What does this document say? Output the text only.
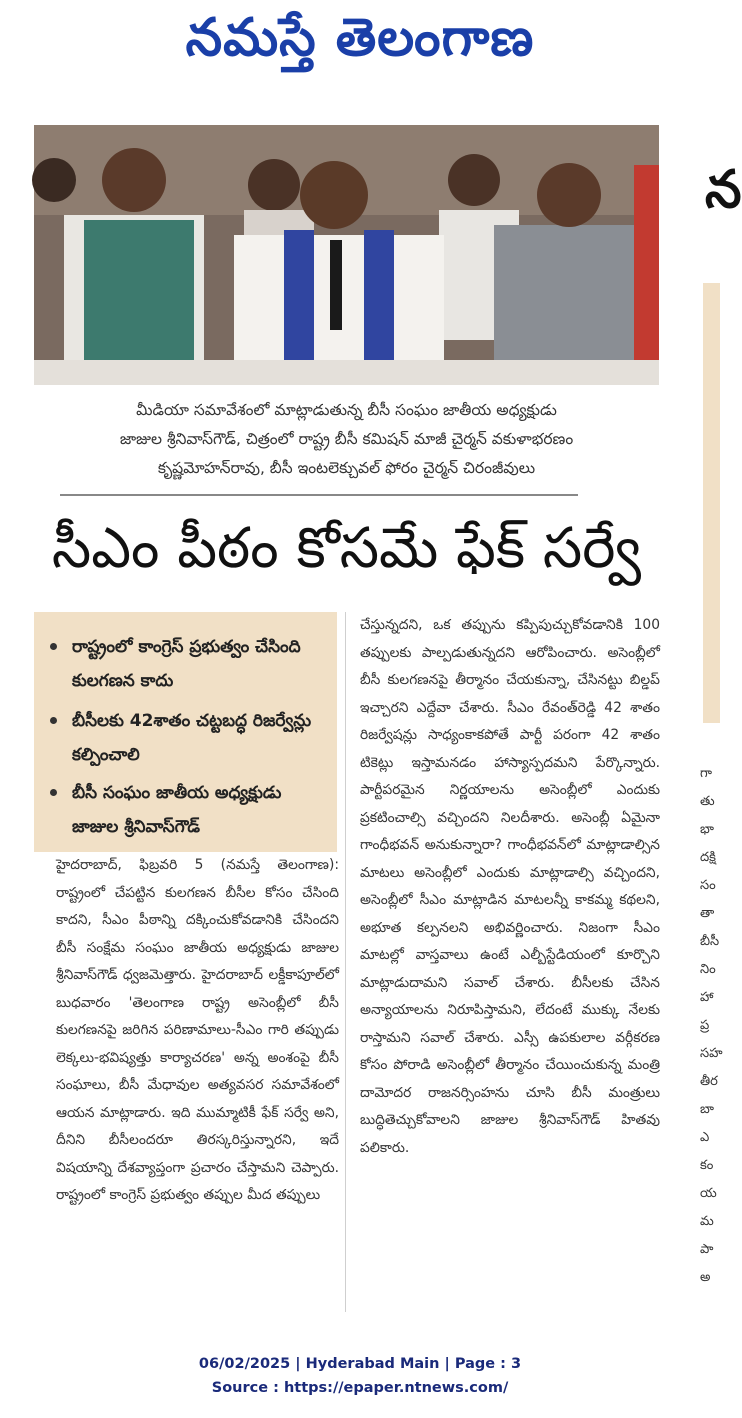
నమస్తే తెలంగాణ
మీడియా సమావేశంలో మాట్లాడుతున్న బీసీ సంఘం జాతీయ అధ్యక్షుడు
జాజుల శ్రీనివాస్‌గౌడ్, చిత్రంలో రాష్ట్ర బీసీ కమిషన్ మాజీ చైర్మన్ వకుళాభరణం
కృష్ణమోహన్‌రావు, బీసీ ఇంటలెక్చువల్ ఫోరం చైర్మన్ చిరంజీవులు
సీఎం పీఠం కోసమే ఫేక్ సర్వే
రాష్ట్రంలో కాంగ్రెస్ ప్రభుత్వం చేసింది కులగణన కాదు
బీసీలకు 42శాతం చట్టబద్ధ రిజర్వేన్లు కల్పించాలి
బీసీ సంఘం జాతీయ అధ్యక్షుడు జాజుల శ్రీనివాస్‌గౌడ్
హైదరాబాద్, ఫిబ్రవరి 5 (నమస్తే తెలంగాణ): రాష్ట్రంలో చేపట్టిన కులగణన బీసీల కోసం చేసింది కాదని, సీఎం పీఠాన్ని దక్కించుకోవడానికి చేసిందని బీసీ సంక్షేమ సంఘం జాతీయ అధ్యక్షుడు జాజుల శ్రీనివాస్‌గౌడ్ ధ్వజమెత్తారు. హైదరాబాద్ లక్డీకాపూల్‌లో బుధవారం 'తెలంగాణ రాష్ట్ర అసెంబ్లీలో బీసీ కులగణనపై జరిగిన పరిణామాలు-సీఎం గారి తప్పుడు లెక్కలు-భవిష్యత్తు కార్యాచరణ' అన్న అంశంపై బీసీ సంఘాలు, బీసీ మేధావుల అత్యవసర సమావేశంలో ఆయన మాట్లాడారు. ఇది ముమ్మాటికీ ఫేక్ సర్వే అని, దీనిని బీసీలందరూ తిరస్కరిస్తున్నారని, ఇదే విషయాన్ని దేశవ్యాప్తంగా ప్రచారం చేస్తామని చెప్పారు. రాష్ట్రంలో కాంగ్రెస్ ప్రభుత్వం తప్పుల మీద తప్పులు
చేస్తున్నదని, ఒక తప్పును కప్పిపుచ్చుకోవడానికి 100 తప్పులకు పాల్పడుతున్నదని ఆరోపించారు. అసెంబ్లీలో బీసీ కులగణనపై తీర్మానం చేయకున్నా, చేసినట్టు బిల్డప్ ఇచ్చారని ఎద్దేవా చేశారు. సీఎం రేవంత్‌రెడ్డి 42 శాతం రిజర్వేషన్లు సాధ్యంకాకపోతే పార్టీ పరంగా 42 శాతం టికెట్లు ఇస్తామనడం హాస్యాస్పదమని పేర్కొన్నారు. పార్టీపరమైన నిర్ణయాలను అసెంబ్లీలో ఎందుకు ప్రకటించాల్సి వచ్చిందని నిలదీశారు. అసెంబ్లీ ఏమైనా గాంధీభవన్ అనుకున్నారా? గాంధీభవన్‌లో మాట్లాడాల్సిన మాటలు అసెంబ్లీలో ఎందుకు మాట్లాడాల్సి వచ్చిందని, అసెంబ్లీలో సీఎం మాట్లాడిన మాటలన్నీ కాకమ్మ కథలని, అభూత కల్పనలని అభివర్ణించారు. నిజంగా సీఎం మాటల్లో వాస్తవాలు ఉంటే ఎల్బీస్టేడియంలో కూర్చొని మాట్లాడుదామని సవాల్ చేశారు. బీసీలకు చేసిన అన్యాయాలను నిరూపిస్తామని, లేదంటే ముక్కు నేలకు రాస్తామని సవాల్ చేశారు. ఎస్సీ ఉపకులాల వర్గీకరణ కోసం పోరాడి అసెంబ్లీలో తీర్మానం చేయించుకున్న మంత్రి దామోదర రాజనర్సింహను చూసి బీసీ మంత్రులు బుద్ధితెచ్చుకోవాలని జాజుల శ్రీనివాస్‌గౌడ్ హితవు పలికారు.
న
గా
తు
భా
దక్షి
సం
తా
బీసీ
నిం
హా
ప్ర
సహ
తీర
బా
ఎ
కం
య
మ
పా
అ
06/02/2025 | Hyderabad Main | Page : 3
Source : https://epaper.ntnews.com/
